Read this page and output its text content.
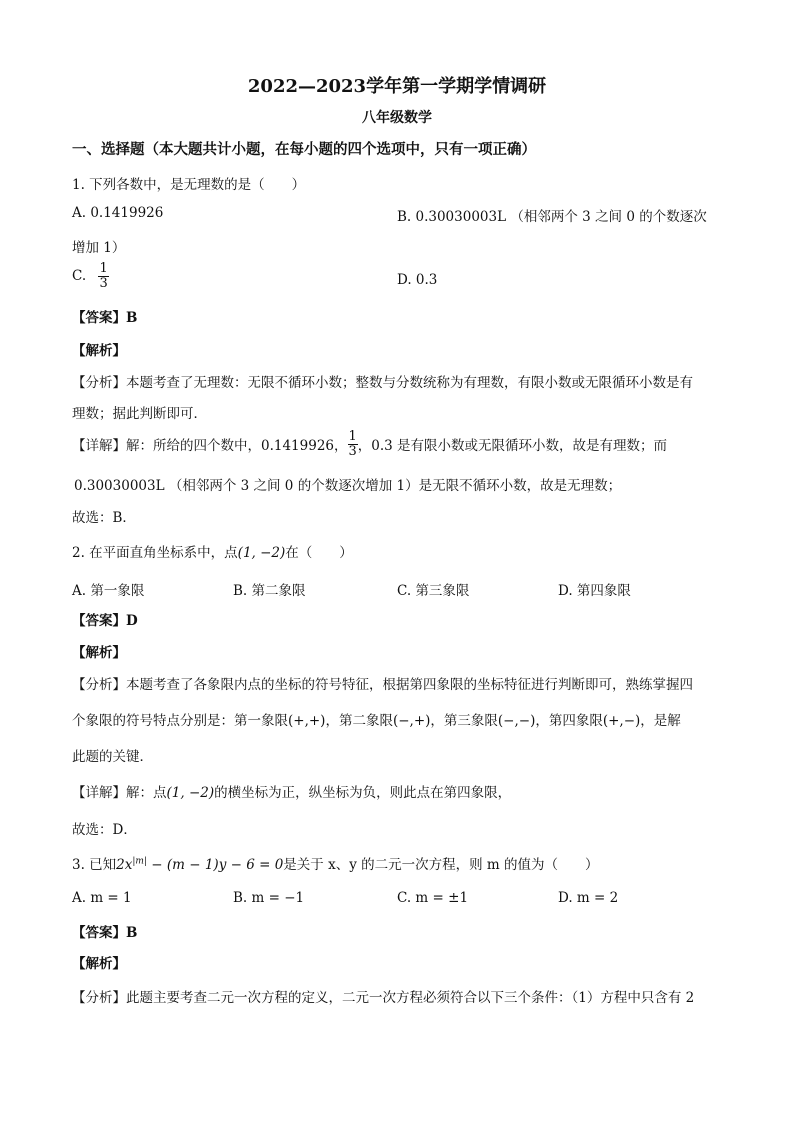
2022—2023学年第一学期学情调研
八年级数学
一、选择题（本大题共计小题，在每小题的四个选项中，只有一项正确）
1. 下列各数中，是无理数的是（　　）
A. 0.1419926	B. 0.30030003L （相邻两个 3 之间 0 的个数逐次
增加 1）
C. $\frac{1}{3}$	D. 0.3
【答案】B
【解析】
【分析】本题考查了无理数：无限不循环小数；整数与分数统称为有理数，有限小数或无限循环小数是有
理数；据此判断即可．
【详解】解：所给的四个数中，0.1419926， $\frac{1}{3}$ ，0.3 是有限小数或无限循环小数，故是有理数；而
0.30030003L （相邻两个 3 之间 0 的个数逐次增加 1）是无限不循环小数，故是无理数；
故选：B．
2. 在平面直角坐标系中，点(1, −2)在（　　）
A. 第一象限	B. 第二象限	C. 第三象限	D. 第四象限
【答案】D
【解析】
【分析】本题考查了各象限内点的坐标的符号特征，根据第四象限的坐标特征进行判断即可，熟练掌握四
个象限的符号特点分别是：第一象限(+,+)，第二象限(−,+)，第三象限(−,−)，第四象限(+,−)，是解
此题的关键．
【详解】解：点(1, −2)的横坐标为正，纵坐标为负，则此点在第四象限，
故选：D．
3. 已知$2x^{|m|} - (m - 1)y - 6 = 0$是关于 x、y 的二元一次方程，则 m 的值为（　　）
A. m = 1	B. m = −1	C. m = ±1	D. m = 2
【答案】B
【解析】
【分析】此题主要考查二元一次方程的定义，二元一次方程必须符合以下三个条件：（1）方程中只含有 2
